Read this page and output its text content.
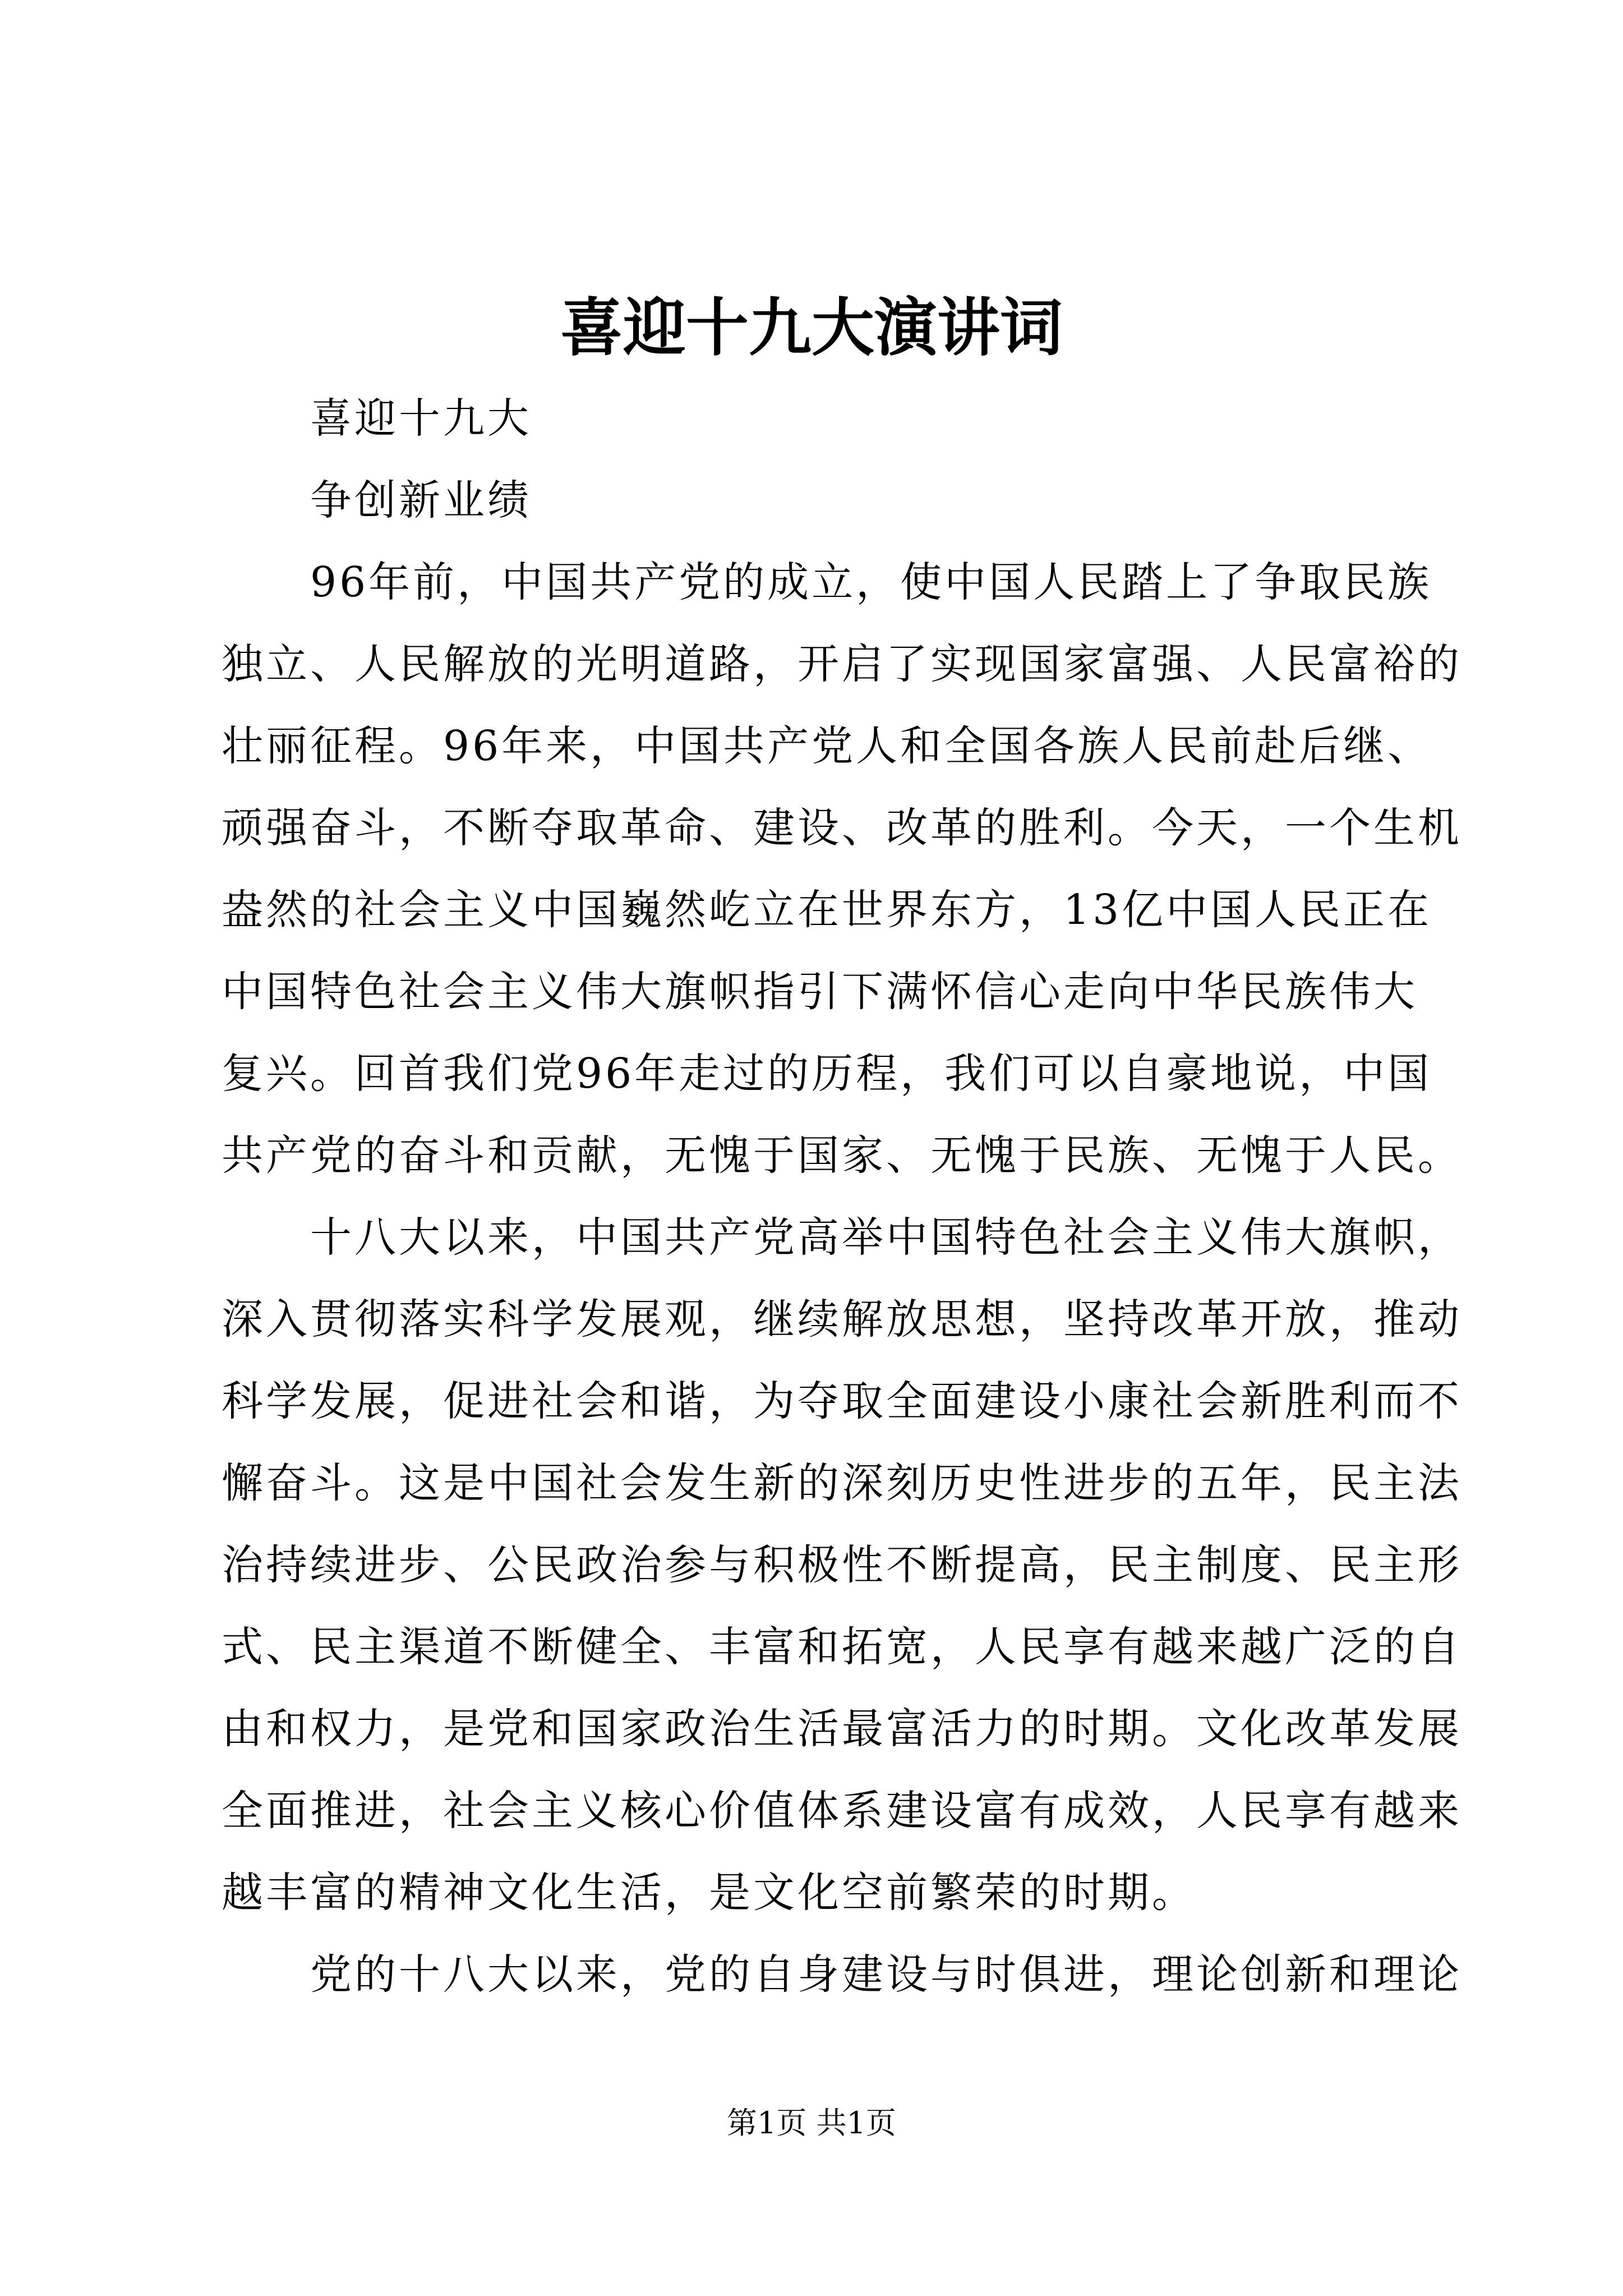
喜迎十九大演讲词
　　喜迎十九大
　　争创新业绩
　　96年前，中国共产党的成立，使中国人民踏上了争取民族
独立、人民解放的光明道路，开启了实现国家富强、人民富裕的
壮丽征程。96年来，中国共产党人和全国各族人民前赴后继、
顽强奋斗，不断夺取革命、建设、改革的胜利。今天，一个生机
盎然的社会主义中国巍然屹立在世界东方，13亿中国人民正在
中国特色社会主义伟大旗帜指引下满怀信心走向中华民族伟大
复兴。回首我们党96年走过的历程，我们可以自豪地说，中国
共产党的奋斗和贡献，无愧于国家、无愧于民族、无愧于人民。
　　十八大以来，中国共产党高举中国特色社会主义伟大旗帜，
深入贯彻落实科学发展观，继续解放思想，坚持改革开放，推动
科学发展，促进社会和谐，为夺取全面建设小康社会新胜利而不
懈奋斗。这是中国社会发生新的深刻历史性进步的五年，民主法
治持续进步、公民政治参与积极性不断提高，民主制度、民主形
式、民主渠道不断健全、丰富和拓宽，人民享有越来越广泛的自
由和权力，是党和国家政治生活最富活力的时期。文化改革发展
全面推进，社会主义核心价值体系建设富有成效，人民享有越来
越丰富的精神文化生活，是文化空前繁荣的时期。
　　党的十八大以来，党的自身建设与时俱进，理论创新和理论
第1页 共1页
